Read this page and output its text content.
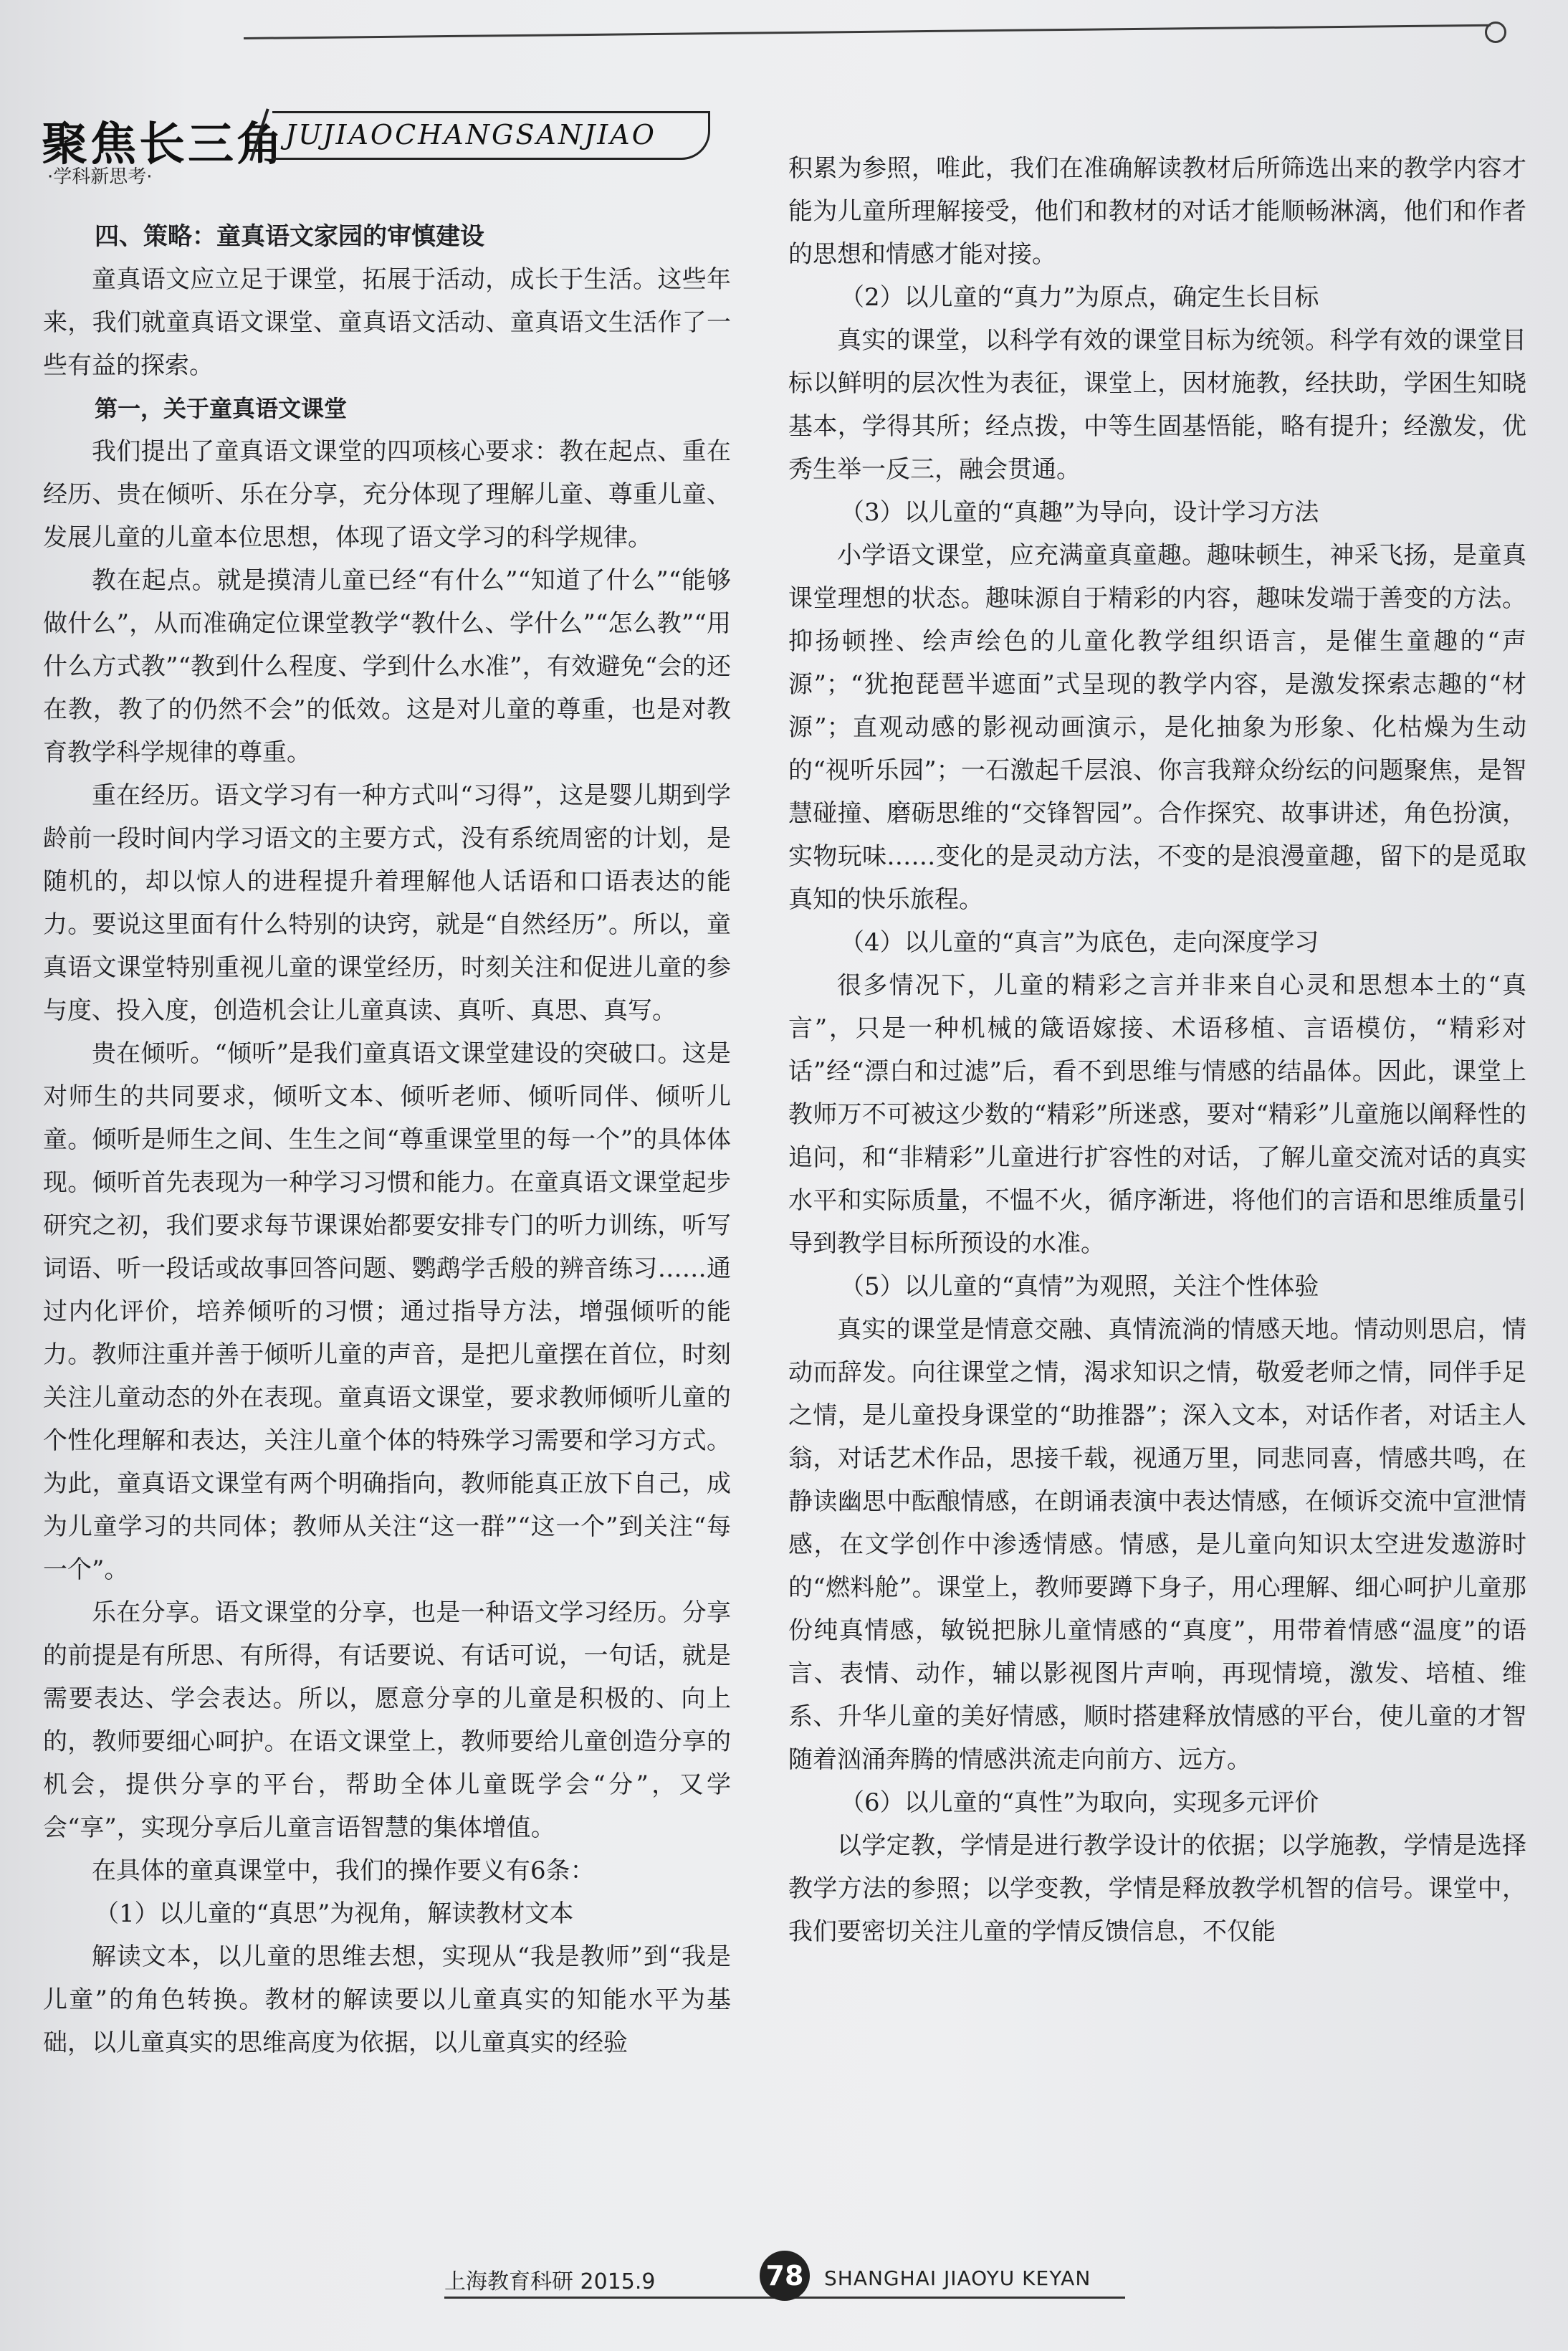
聚焦长三角
·学科新思考·
JUJIAOCHANGSANJIAO
四、策略：童真语文家园的审慎建设

童真语文应立足于课堂，拓展于活动，成长于生活。这些年来，我们就童真语文课堂、童真语文活动、童真语文生活作了一些有益的探索。

第一，关于童真语文课堂

我们提出了童真语文课堂的四项核心要求：教在起点、重在经历、贵在倾听、乐在分享，充分体现了理解儿童、尊重儿童、发展儿童的儿童本位思想，体现了语文学习的科学规律。

教在起点。就是摸清儿童已经“有什么”“知道了什么”“能够做什么”，从而准确定位课堂教学“教什么、学什么”“怎么教”“用什么方式教”“教到什么程度、学到什么水准”，有效避免“会的还在教，教了的仍然不会”的低效。这是对儿童的尊重，也是对教育教学科学规律的尊重。

重在经历。语文学习有一种方式叫“习得”，这是婴儿期到学龄前一段时间内学习语文的主要方式，没有系统周密的计划，是随机的，却以惊人的进程提升着理解他人话语和口语表达的能力。要说这里面有什么特别的诀窍，就是“自然经历”。所以，童真语文课堂特别重视儿童的课堂经历，时刻关注和促进儿童的参与度、投入度，创造机会让儿童真读、真听、真思、真写。

贵在倾听。“倾听”是我们童真语文课堂建设的突破口。这是对师生的共同要求，倾听文本、倾听老师、倾听同伴、倾听儿童。倾听是师生之间、生生之间“尊重课堂里的每一个”的具体体现。倾听首先表现为一种学习习惯和能力。在童真语文课堂起步研究之初，我们要求每节课课始都要安排专门的听力训练，听写词语、听一段话或故事回答问题、鹦鹉学舌般的辨音练习……通过内化评价，培养倾听的习惯；通过指导方法，增强倾听的能力。教师注重并善于倾听儿童的声音，是把儿童摆在首位，时刻关注儿童动态的外在表现。童真语文课堂，要求教师倾听儿童的个性化理解和表达，关注儿童个体的特殊学习需要和学习方式。为此，童真语文课堂有两个明确指向，教师能真正放下自己，成为儿童学习的共同体；教师从关注“这一群”“这一个”到关注“每一个”。

乐在分享。语文课堂的分享，也是一种语文学习经历。分享的前提是有所思、有所得，有话要说、有话可说，一句话，就是需要表达、学会表达。所以，愿意分享的儿童是积极的、向上的，教师要细心呵护。在语文课堂上，教师要给儿童创造分享的机会，提供分享的平台，帮助全体儿童既学会“分”，又学会“享”，实现分享后儿童言语智慧的集体增值。

在具体的童真课堂中，我们的操作要义有6条：

（1）以儿童的“真思”为视角，解读教材文本

解读文本，以儿童的思维去想，实现从“我是教师”到“我是儿童”的角色转换。教材的解读要以儿童真实的知能水平为基础，以儿童真实的思维高度为依据，以儿童真实的经验

积累为参照，唯此，我们在准确解读教材后所筛选出来的教学内容才能为儿童所理解接受，他们和教材的对话才能顺畅淋漓，他们和作者的思想和情感才能对接。

（2）以儿童的“真力”为原点，确定生长目标

真实的课堂，以科学有效的课堂目标为统领。科学有效的课堂目标以鲜明的层次性为表征，课堂上，因材施教，经扶助，学困生知晓基本，学得其所；经点拨，中等生固基悟能，略有提升；经激发，优秀生举一反三，融会贯通。

（3）以儿童的“真趣”为导向，设计学习方法

小学语文课堂，应充满童真童趣。趣味顿生，神采飞扬，是童真课堂理想的状态。趣味源自于精彩的内容，趣味发端于善变的方法。抑扬顿挫、绘声绘色的儿童化教学组织语言，是催生童趣的“声源”；“犹抱琵琶半遮面”式呈现的教学内容，是激发探索志趣的“材源”；直观动感的影视动画演示，是化抽象为形象、化枯燥为生动的“视听乐园”；一石激起千层浪、你言我辩众纷纭的问题聚焦，是智慧碰撞、磨砺思维的“交锋智园”。合作探究、故事讲述，角色扮演，实物玩味……变化的是灵动方法，不变的是浪漫童趣，留下的是觅取真知的快乐旅程。

（4）以儿童的“真言”为底色，走向深度学习

很多情况下，儿童的精彩之言并非来自心灵和思想本土的“真言”，只是一种机械的箴语嫁接、术语移植、言语模仿，“精彩对话”经“漂白和过滤”后，看不到思维与情感的结晶体。因此，课堂上教师万不可被这少数的“精彩”所迷惑，要对“精彩”儿童施以阐释性的追问，和“非精彩”儿童进行扩容性的对话，了解儿童交流对话的真实水平和实际质量，不愠不火，循序渐进，将他们的言语和思维质量引导到教学目标所预设的水准。

（5）以儿童的“真情”为观照，关注个性体验

真实的课堂是情意交融、真情流淌的情感天地。情动则思启，情动而辞发。向往课堂之情，渴求知识之情，敬爱老师之情，同伴手足之情，是儿童投身课堂的“助推器”；深入文本，对话作者，对话主人翁，对话艺术作品，思接千载，视通万里，同悲同喜，情感共鸣，在静读幽思中酝酿情感，在朗诵表演中表达情感，在倾诉交流中宣泄情感，在文学创作中渗透情感。情感，是儿童向知识太空进发遨游时的“燃料舱”。课堂上，教师要蹲下身子，用心理解、细心呵护儿童那份纯真情感，敏锐把脉儿童情感的“真度”，用带着情感“温度”的语言、表情、动作，辅以影视图片声响，再现情境，激发、培植、维系、升华儿童的美好情感，顺时搭建释放情感的平台，使儿童的才智随着汹涌奔腾的情感洪流走向前方、远方。

（6）以儿童的“真性”为取向，实现多元评价

以学定教，学情是进行教学设计的依据；以学施教，学情是选择教学方法的参照；以学变教，学情是释放教学机智的信号。课堂中，我们要密切关注儿童的学情反馈信息，不仅能

上海教育科研 2015.9	78	SHANGHAI JIAOYU KEYAN
